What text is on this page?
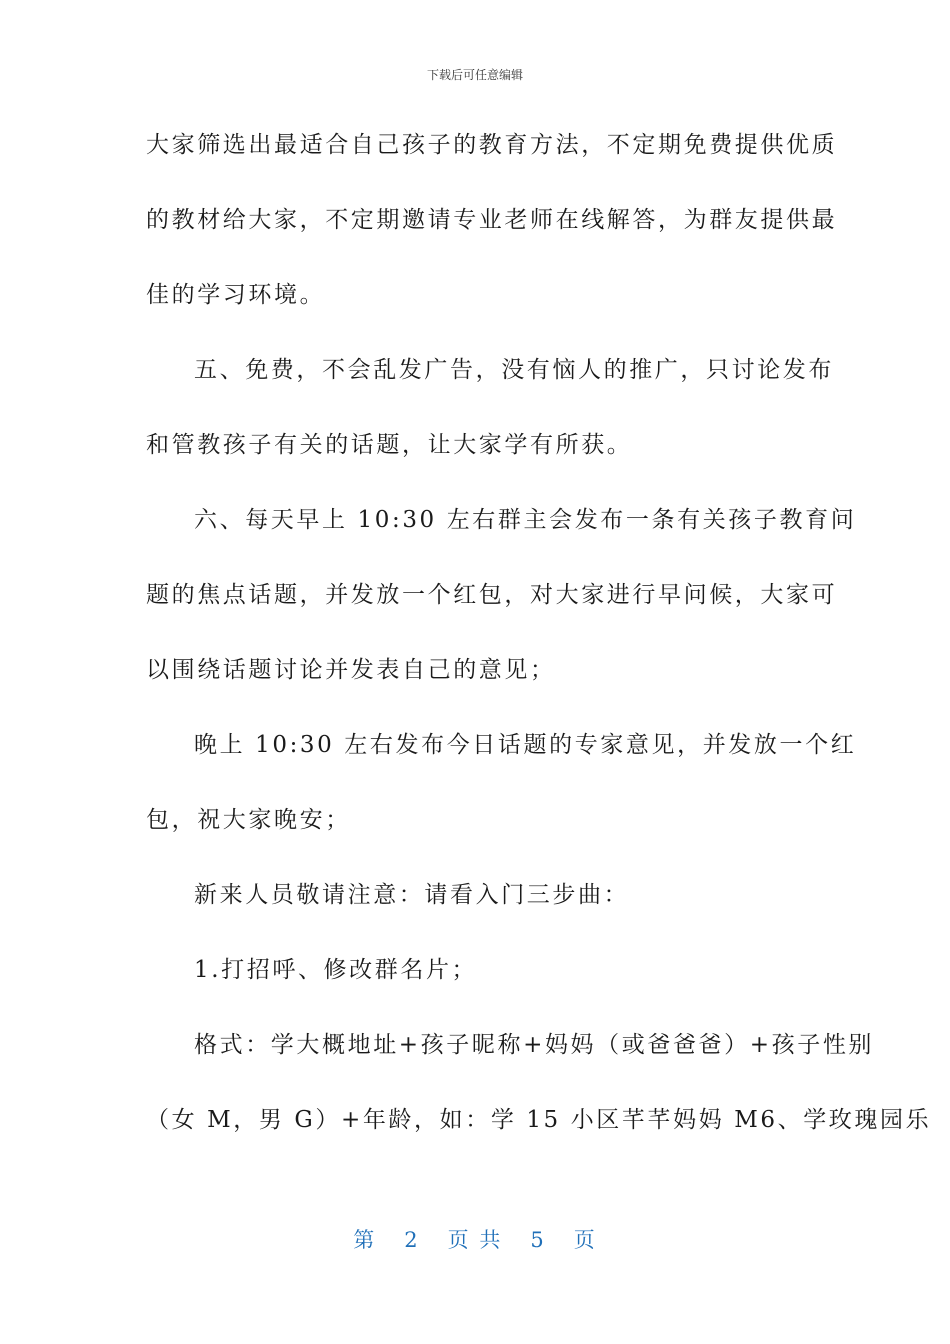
下载后可任意编辑
大家筛选出最适合自己孩子的教育方法，不定期免费提供优质
的教材给大家，不定期邀请专业老师在线解答，为群友提供最
佳的学习环境。
五、免费，不会乱发广告，没有恼人的推广，只讨论发布
和管教孩子有关的话题，让大家学有所获。
六、每天早上 10:30 左右群主会发布一条有关孩子教育问
题的焦点话题，并发放一个红包，对大家进行早问候，大家可
以围绕话题讨论并发表自己的意见；
晚上 10:30 左右发布今日话题的专家意见，并发放一个红
包，祝大家晚安；
新来人员敬请注意：请看入门三步曲：
1.打招呼、修改群名片；
格式：学大概地址+孩子昵称+妈妈（或爸爸爸）+孩子性别
（女 M，男 G）+年龄，如：学 15 小区芊芊妈妈 M6、学玫瑰园乐
第 2 页 共 5 页
